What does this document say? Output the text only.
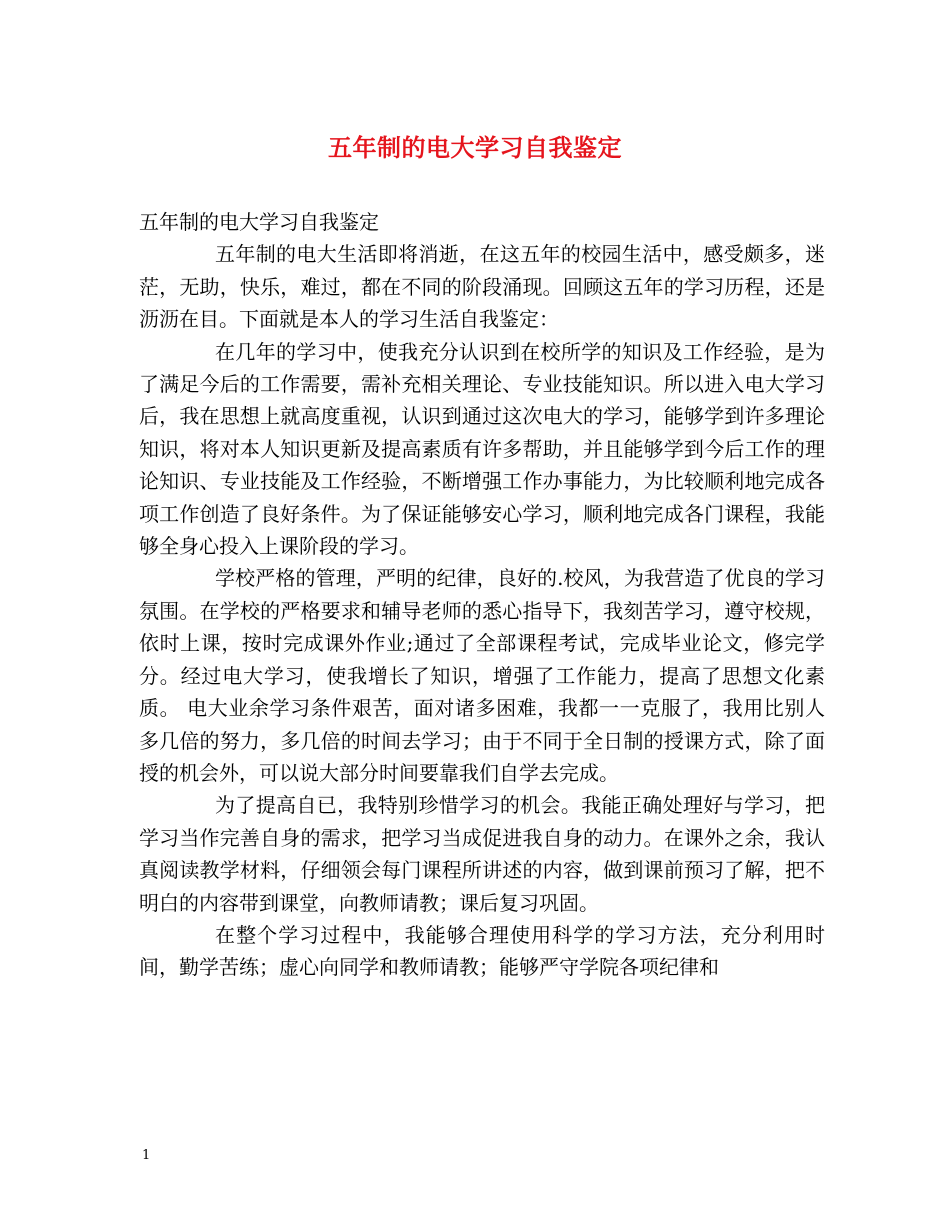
五年制的电大学习自我鉴定

五年制的电大学习自我鉴定

五年制的电大生活即将消逝，在这五年的校园生活中，感受颇多，迷茫，无助，快乐，难过，都在不同的阶段涌现。回顾这五年的学习历程，还是沥沥在目。下面就是本人的学习生活自我鉴定：

在几年的学习中，使我充分认识到在校所学的知识及工作经验，是为了满足今后的工作需要，需补充相关理论、专业技能知识。所以进入电大学习后，我在思想上就高度重视，认识到通过这次电大的学习，能够学到许多理论知识，将对本人知识更新及提高素质有许多帮助，并且能够学到今后工作的理论知识、专业技能及工作经验，不断增强工作办事能力，为比较顺利地完成各项工作创造了良好条件。为了保证能够安心学习，顺利地完成各门课程，我能够全身心投入上课阶段的学习。

学校严格的管理，严明的纪律，良好的.校风，为我营造了优良的学习氛围。在学校的严格要求和辅导老师的悉心指导下，我刻苦学习，遵守校规，依时上课，按时完成课外作业;通过了全部课程考试，完成毕业论文，修完学分。经过电大学习，使我增长了知识，增强了工作能力，提高了思想文化素质。 电大业余学习条件艰苦，面对诸多困难，我都一一克服了，我用比别人多几倍的努力，多几倍的时间去学习；由于不同于全日制的授课方式，除了面授的机会外，可以说大部分时间要靠我们自学去完成。

为了提高自已，我特别珍惜学习的机会。我能正确处理好与学习，把学习当作完善自身的需求，把学习当成促进我自身的动力。在课外之余，我认真阅读教学材料，仔细领会每门课程所讲述的内容，做到课前预习了解，把不明白的内容带到课堂，向教师请教；课后复习巩固。

在整个学习过程中，我能够合理使用科学的学习方法，充分利用时间，勤学苦练；虚心向同学和教师请教；能够严守学院各项纪律和

1
